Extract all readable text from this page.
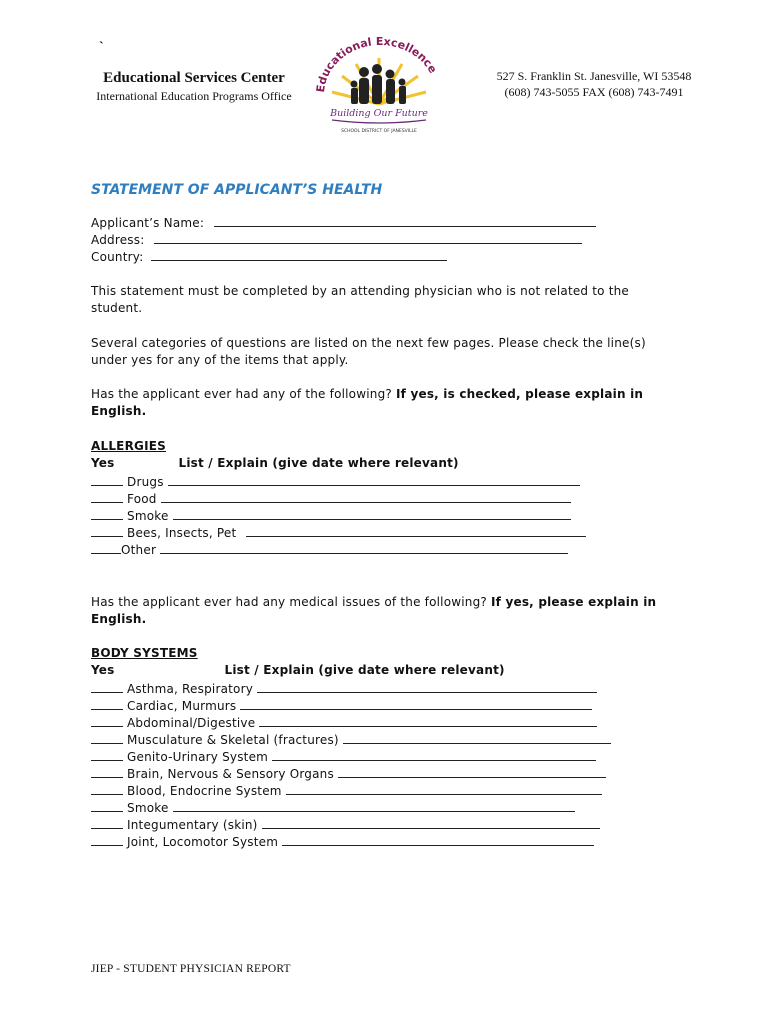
`
Educational Services Center
International Education Programs Office
527 S. Franklin St. Janesville, WI 53548
(608) 743-5055 FAX (608) 743-7491
Educational Excellence
Building Our Future
SCHOOL DISTRICT OF JANESVILLE
STATEMENT OF APPLICANT’S HEALTH
Applicant’s Name:
Address:
Country:
This statement must be completed by an attending physician who is not related to the student.
Several categories of questions are listed on the next few pages. Please check the line(s) under yes for any of the items that apply.
Has the applicant ever had any of the following? If yes, is checked, please explain in English.
ALLERGIES
Yes	List / Explain (give date where relevant)
Drugs
Food
Smoke
Bees, Insects, Pet
Other
Has the applicant ever had any medical issues of the following? If yes, please explain in English.
BODY SYSTEMS
Yes	List / Explain (give date where relevant)
Asthma, Respiratory
Cardiac, Murmurs
Abdominal/Digestive
Musculature & Skeletal (fractures)
Genito-Urinary System
Brain, Nervous & Sensory Organs
Blood, Endocrine System
Smoke
Integumentary (skin)
Joint, Locomotor System
JIEP - STUDENT PHYSICIAN REPORT
